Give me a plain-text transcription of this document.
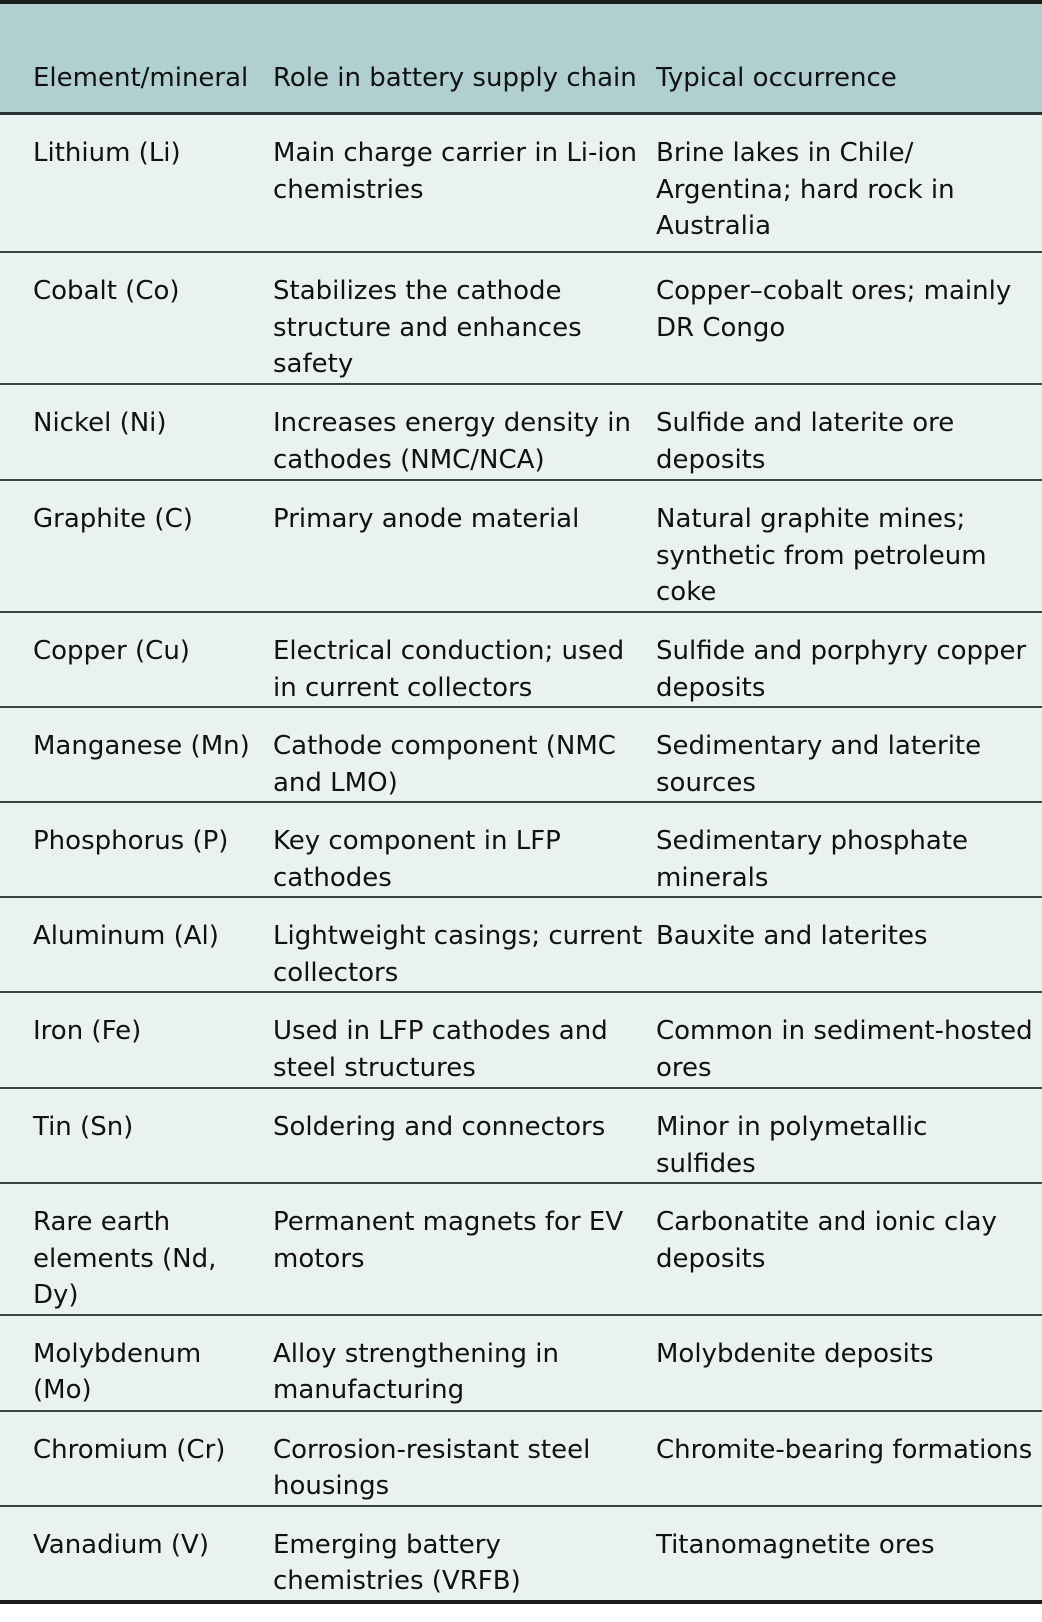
Element/mineral	Role in battery supply chain	Typical occurrence
Lithium (Li)	Main charge carrier in Li-ion chemistries	Brine lakes in Chile/ Argentina; hard rock in Australia
Cobalt (Co)	Stabilizes the cathode structure and enhances safety	Copper–cobalt ores; mainly DR Congo
Nickel (Ni)	Increases energy density in cathodes (NMC/NCA)	Sulfide and laterite ore deposits
Graphite (C)	Primary anode material	Natural graphite mines; synthetic from petroleum coke
Copper (Cu)	Electrical conduction; used in current collectors	Sulfide and porphyry copper deposits
Manganese (Mn)	Cathode component (NMC and LMO)	Sedimentary and laterite sources
Phosphorus (P)	Key component in LFP cathodes	Sedimentary phosphate minerals
Aluminum (Al)	Lightweight casings; current collectors	Bauxite and laterites
Iron (Fe)	Used in LFP cathodes and steel structures	Common in sediment-hosted ores
Tin (Sn)	Soldering and connectors	Minor in polymetallic sulfides
Rare earth elements (Nd, Dy)	Permanent magnets for EV motors	Carbonatite and ionic clay deposits
Molybdenum (Mo)	Alloy strengthening in manufacturing	Molybdenite deposits
Chromium (Cr)	Corrosion-resistant steel housings	Chromite-bearing formations
Vanadium (V)	Emerging battery chemistries (VRFB)	Titanomagnetite ores
